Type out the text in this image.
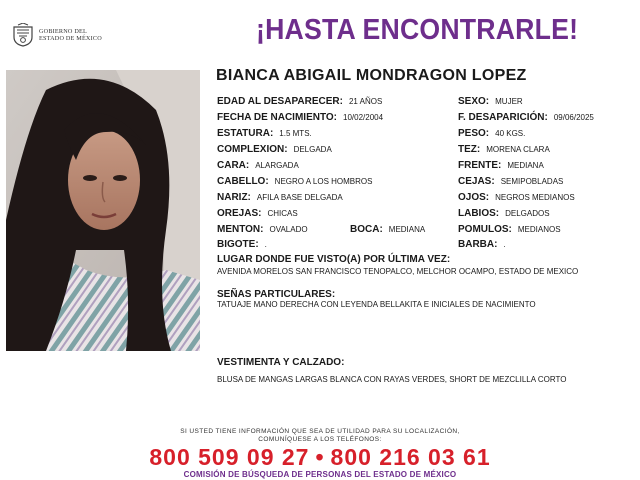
GOBIERNO DEL
ESTADO DE MÉXICO	¡HASTA ENCONTRARLE!
BIANCA ABIGAIL MONDRAGON LOPEZ
EDAD AL DESAPARECER: 21 AÑOS
FECHA DE NACIMIENTO: 10/02/2004
ESTATURA: 1.5 MTS.
COMPLEXION: DELGADA
CARA: ALARGADA
CABELLO: NEGRO A LOS HOMBROS
NARIZ: AFILA BASE DELGADA
OREJAS: CHICAS
MENTON: OVALADO	BOCA: MEDIANA
BIGOTE: .
SEXO: MUJER
F. DESAPARICIÓN: 09/06/2025
PESO: 40 KGS.
TEZ: MORENA CLARA
FRENTE: MEDIANA
CEJAS: SEMIPOBLADAS
OJOS: NEGROS MEDIANOS
LABIOS: DELGADOS
POMULOS: MEDIANOS
BARBA: .
LUGAR DONDE FUE VISTO(A) POR ÚLTIMA VEZ:
AVENIDA MORELOS SAN FRANCISCO TENOPALCO, MELCHOR OCAMPO, ESTADO DE MEXICO
SEÑAS PARTICULARES:
TATUAJE MANO DERECHA CON LEYENDA BELLAKITA E INICIALES DE NACIMIENTO
VESTIMENTA Y CALZADO:
BLUSA DE MANGAS LARGAS BLANCA CON RAYAS VERDES, SHORT DE MEZCLILLA CORTO
SI USTED TIENE INFORMACIÓN QUE SEA DE UTILIDAD PARA SU LOCALIZACIÓN,
COMUNÍQUESE A LOS TELÉFONOS:
800 509 09 27 • 800 216 03 61
COMISIÓN DE BÚSQUEDA DE PERSONAS DEL ESTADO DE MÉXICO
